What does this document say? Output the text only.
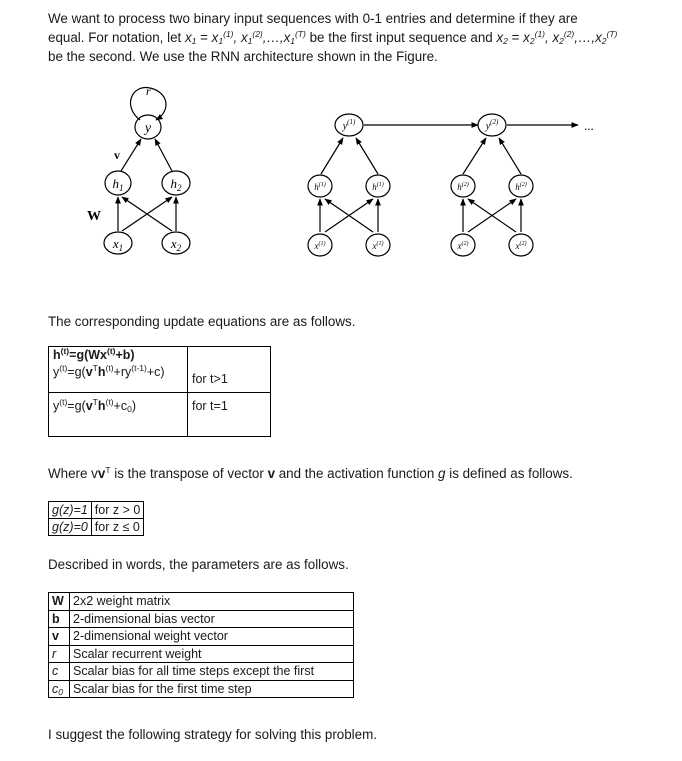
We want to process two binary input sequences with 0-1 entries and determine if they are
equal. For notation, let $x_1 = x_1^{(1)}$, $x_1^{(2)},\dots,x_1^{(T)}$ be the first input sequence and $x_2 = x_2^{(1)}$, $x_2^{(2)},\dots,x_2^{(T)}$
be the second. We use the RNN architecture shown in the Figure.
r
y
v
$h_1$	$h_2$
W
$x_1$	$x_2$
$y^{(1)}$
$h^{(1)}$	$h^{(1)}$
$x^{(1)}$	$x^{(1)}$
$y^{(2)}$
$h^{(2)}$	$h^{(2)}$
$x^{(2)}$	$x^{(2)}$
...
The corresponding update equations are as follows.
$h^{(t)}=g(Wx^{(t)}+b)$
$y^{(t)}=g(v^Th^{(t)}+ry^{(t-1)}+c)$	for t>1
$y^{(t)}=g(v^Th^{(t)}+c_0)$	for t=1
Where $vv^T$ is the transpose of vector v and the activation function g is defined as follows.
g(z)=1	for z > 0
g(z)=0	for z ≤ 0
Described in words, the parameters are as follows.
W	2x2 weight matrix
b	2-dimensional bias vector
v	2-dimensional weight vector
r	Scalar recurrent weight
c	Scalar bias for all time steps except the first
$c_0$	Scalar bias for the first time step
I suggest the following strategy for solving this problem.
